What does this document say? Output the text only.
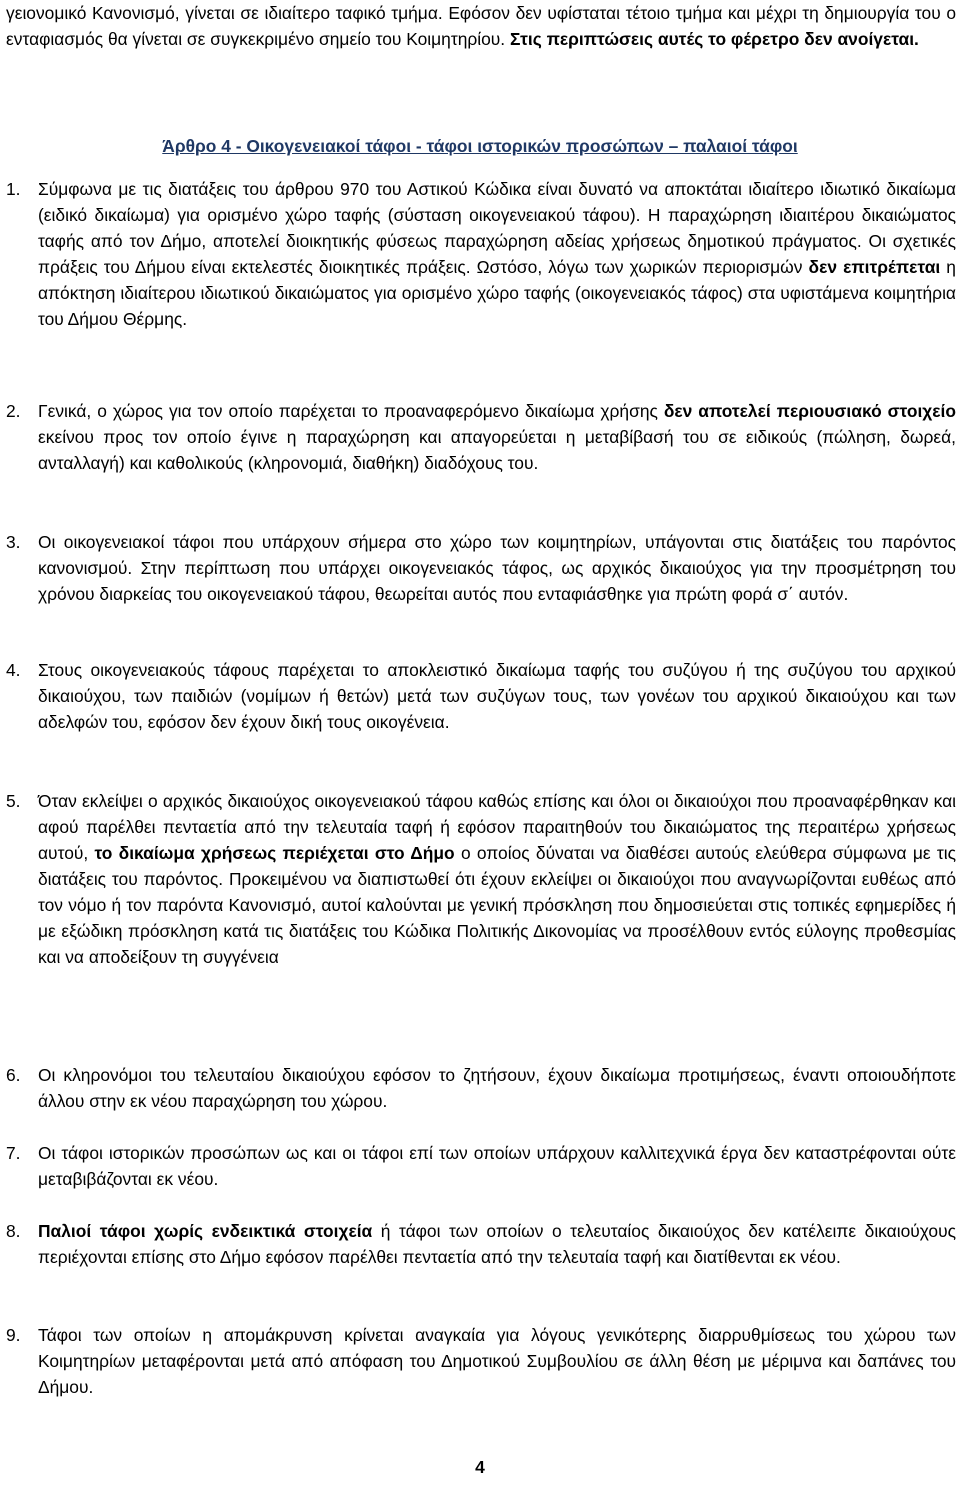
γειονομικό Κανονισμό, γίνεται σε ιδιαίτερο ταφικό τμήμα. Εφόσον δεν υφίσταται τέτοιο τμήμα και μέχρι τη δημιουργία του ο ενταφιασμός θα γίνεται σε συγκεκριμένο σημείο του Κοιμητηρίου. Στις περιπτώσεις αυτές το φέρετρο δεν ανοίγεται.
Άρθρο 4 - Οικογενειακοί τάφοι - τάφοι ιστορικών προσώπων – παλαιοί τάφοι
1.	Σύμφωνα με τις διατάξεις του άρθρου 970 του Αστικού Κώδικα είναι δυνατό να αποκτάται ιδιαίτερο ιδιωτικό δικαίωμα (ειδικό δικαίωμα) για ορισμένο χώρο ταφής (σύσταση οικογενειακού τάφου). Η παραχώρηση ιδιαιτέρου δικαιώματος ταφής από τον Δήμο, αποτελεί διοικητικής φύσεως παραχώρηση αδείας χρήσεως δημοτικού πράγματος. Οι σχετικές πράξεις του Δήμου είναι εκτελεστές διοικητικές πράξεις. Ωστόσο, λόγω των χωρικών περιορισμών δεν επιτρέπεται η απόκτηση ιδιαίτερου ιδιωτικού δικαιώματος για ορισμένο χώρο ταφής (οικογενειακός τάφος) στα υφιστάμενα κοιμητήρια του Δήμου Θέρμης.
2.	Γενικά, ο χώρος για τον οποίο παρέχεται το προαναφερόμενο δικαίωμα χρήσης δεν αποτελεί περιουσιακό στοιχείο εκείνου προς τον οποίο έγινε η παραχώρηση και απαγορεύεται η μεταβίβασή του σε ειδικούς (πώληση, δωρεά, ανταλλαγή) και καθολικούς (κληρονομιά, διαθήκη) διαδόχους του.
3.	Οι οικογενειακοί τάφοι που υπάρχουν σήμερα στο χώρο των κοιμητηρίων, υπάγονται στις διατάξεις του παρόντος κανονισμού. Στην περίπτωση που υπάρχει οικογενειακός τάφος, ως αρχικός δικαιούχος για την προσμέτρηση του χρόνου διαρκείας του οικογενειακού τάφου, θεωρείται αυτός που ενταφιάσθηκε για πρώτη φορά σ΄ αυτόν.
4.	Στους οικογενειακούς τάφους παρέχεται το αποκλειστικό δικαίωμα ταφής του συζύγου ή της συζύγου του αρχικού δικαιούχου, των παιδιών (νομίμων ή θετών) μετά των συζύγων τους, των γονέων του αρχικού δικαιούχου και των αδελφών του, εφόσον δεν έχουν δική τους οικογένεια.
5.	Όταν εκλείψει ο αρχικός δικαιούχος οικογενειακού τάφου καθώς επίσης και όλοι οι δικαιούχοι που προαναφέρθηκαν και αφού παρέλθει πενταετία από την τελευταία ταφή ή εφόσον παραιτηθούν του δικαιώματος της περαιτέρω χρήσεως αυτού, το δικαίωμα χρήσεως περιέχεται στο Δήμο ο οποίος δύναται να διαθέσει αυτούς ελεύθερα σύμφωνα με τις διατάξεις του παρόντος. Προκειμένου να διαπιστωθεί ότι έχουν εκλείψει οι δικαιούχοι που αναγνωρίζονται ευθέως από τον νόμο ή τον παρόντα Κανονισμό, αυτοί καλούνται με γενική πρόσκληση που δημοσιεύεται στις τοπικές εφημερίδες ή με εξώδικη πρόσκληση κατά τις διατάξεις του Κώδικα Πολιτικής Δικονομίας να προσέλθουν εντός εύλογης προθεσμίας και να αποδείξουν τη συγγένεια
6.	Οι κληρονόμοι του τελευταίου δικαιούχου εφόσον το ζητήσουν, έχουν δικαίωμα προτιμήσεως, έναντι οποιουδήποτε άλλου στην εκ νέου παραχώρηση του χώρου.
7.	Οι τάφοι ιστορικών προσώπων ως και οι τάφοι επί των οποίων υπάρχουν καλλιτεχνικά έργα δεν καταστρέφονται ούτε μεταβιβάζονται εκ νέου.
8.	Παλιοί τάφοι χωρίς ενδεικτικά στοιχεία ή τάφοι των οποίων ο τελευταίος δικαιούχος δεν κατέλειπε δικαιούχους περιέχονται επίσης στο Δήμο εφόσον παρέλθει πενταετία από την τελευταία ταφή και διατίθενται εκ νέου.
9.	Τάφοι των οποίων η απομάκρυνση κρίνεται αναγκαία για λόγους γενικότερης διαρρυθμίσεως του χώρου των Κοιμητηρίων μεταφέρονται μετά από απόφαση του Δημοτικού Συμβουλίου σε άλλη θέση με μέριμνα και δαπάνες του Δήμου.
4
